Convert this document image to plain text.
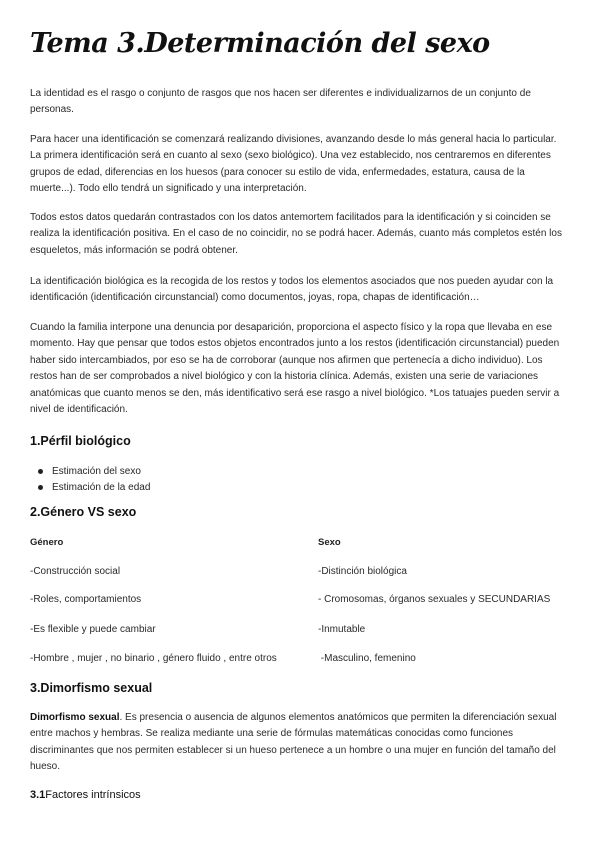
Tema 3.Determinación del sexo

La identidad es el rasgo o conjunto de rasgos que nos hacen ser diferentes e individualizarnos de un conjunto de personas.

Para hacer una identificación se comenzará realizando divisiones, avanzando desde lo más general hacia lo particular. La primera identificación será en cuanto al sexo (sexo biológico). Una vez establecido, nos centraremos en diferentes grupos de edad, diferencias en los huesos (para conocer su estilo de vida, enfermedades, estatura, causa de la muerte...). Todo ello tendrá un significado y una interpretación.

Todos estos datos quedarán contrastados con los datos antemortem facilitados para la identificación y si coinciden se realiza la identificación positiva. En el caso de no coincidir, no se podrá hacer. Además, cuanto más completos estén los esqueletos, más información se podrá obtener.

La identificación biológica es la recogida de los restos y todos los elementos asociados que nos pueden ayudar con la identificación (identificación circunstancial) como documentos, joyas, ropa, chapas de identificación…

Cuando la familia interpone una denuncia por desaparición, proporciona el aspecto físico y la ropa que llevaba en ese momento. Hay que pensar que todos estos objetos encontrados junto a los restos (identificación circunstancial) pueden haber sido intercambiados, por eso se ha de corroborar (aunque nos afirmen que pertenecía a dicho individuo). Los restos han de ser comprobados a nivel biológico y con la historia clínica. Además, existen una serie de variaciones anatómicas que cuanto menos se den, más identificativo será ese rasgo a nivel biológico. *Los tatuajes pueden servir a nivel de identificación.

1.Pérfil biológico
Estimación del sexo
Estimación de la edad
2.Género VS sexo
Género	Sexo
-Construcción social	-Distinción biológica
-Roles, comportamientos	- Cromosomas, órganos sexuales y SECUNDARIAS
-Es flexible y puede cambiar	-Inmutable
-Hombre , mujer , no binario , género fluido , entre otros	-Masculino, femenino
3.Dimorfismo sexual

Dimorfismo sexual. Es presencia o ausencia de algunos elementos anatómicos que permiten la diferenciación sexual entre machos y hembras. Se realiza mediante una serie de fórmulas matemáticas conocidas como funciones discriminantes que nos permiten establecer si un hueso pertenece a un hombre o una mujer en función del tamaño del hueso.

3.1Factores intrínsicos
